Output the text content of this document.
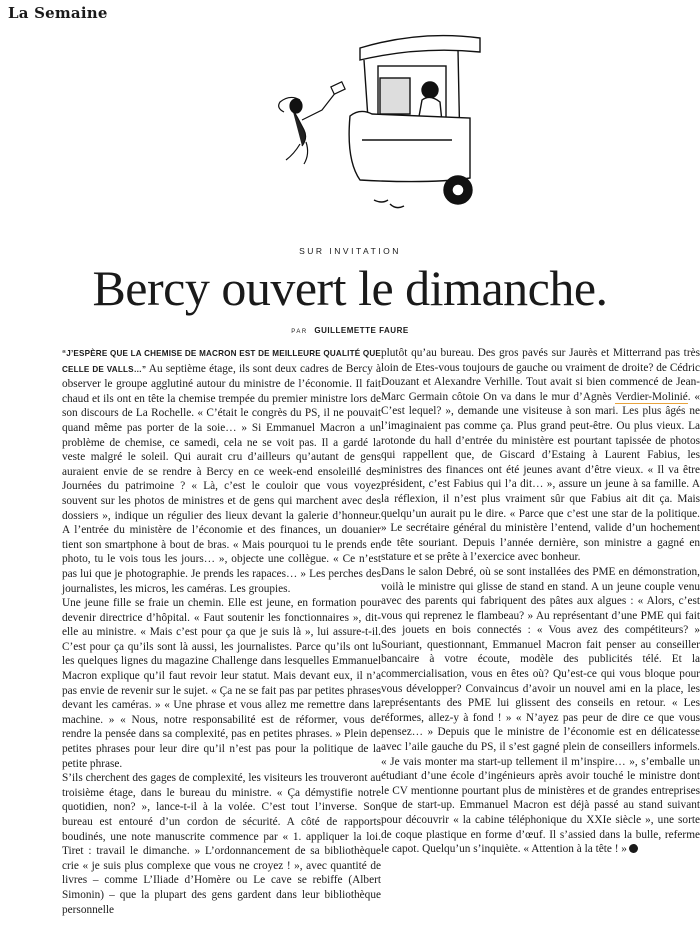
La Semaine
SUR INVITATION
Bercy ouvert le dimanche.
PAR GUILLEMETTE FAURE

“J’ESPÈRE QUE LA CHEMISE DE MACRON EST DE MEILLEURE QUALITÉ QUE CELLE DE VALLS…” Au septième étage, ils sont deux cadres de Bercy à observer le groupe agglutiné autour du ministre de l’économie. Il fait chaud et ils ont en tête la chemise trempée du premier ministre lors de son discours de La Rochelle. « C’était le congrès du PS, il ne pouvait quand même pas porter de la soie… » Si Emmanuel Macron a un problème de chemise, ce samedi, cela ne se voit pas. Il a gardé la veste malgré le soleil. Qui aurait cru d’ailleurs qu’autant de gens auraient envie de se rendre à Bercy en ce week-end ensoleillé des Journées du patrimoine ? « Là, c’est le couloir que vous voyez souvent sur les photos de ministres et de gens qui marchent avec des dossiers », indique un régulier des lieux devant la galerie d’honneur. A l’entrée du ministère de l’économie et des finances, un douanier tient son smartphone à bout de bras. « Mais pourquoi tu le prends en photo, tu le vois tous les jours… », objecte une collègue. « Ce n’est pas lui que je photographie. Je prends les rapaces… » Les perches des journalistes, les micros, les caméras. Les groupies.

Une jeune fille se fraie un chemin. Elle est jeune, en formation pour devenir directrice d’hôpital. « Faut soutenir les fonctionnaires », dit-elle au ministre. « Mais c’est pour ça que je suis là », lui assure-t-il. C’est pour ça qu’ils sont là aussi, les journalistes. Parce qu’ils ont lu les quelques lignes du magazine Challenge dans lesquelles Emmanuel Macron explique qu’il faut revoir leur statut. Mais devant eux, il n’a pas envie de revenir sur le sujet. « Ça ne se fait pas par petites phrases devant les caméras. » « Une phrase et vous allez me remettre dans la machine. » « Nous, notre responsabilité est de réformer, vous de rendre la pensée dans sa complexité, pas en petites phrases. » Plein de petites phrases pour leur dire qu’il n’est pas pour la politique de la petite phrase.

S’ils cherchent des gages de complexité, les visiteurs les trouveront au troisième étage, dans le bureau du ministre. « Ça démystifie notre quotidien, non? », lance-t-il à la volée. C’est tout l’inverse. Son bureau est entouré d’un cordon de sécurité. A côté de rapports boudinés, une note manuscrite commence par « 1. appliquer la loi. Tiret : travail le dimanche. » L’ordonnancement de sa bibliothèque crie « je suis plus complexe que vous ne croyez ! », avec quantité de livres – comme L’Iliade d’Homère ou Le cave se rebiffe (Albert Simonin) – que la plupart des gens gardent dans leur bibliothèque personnelle

plutôt qu’au bureau. Des gros pavés sur Jaurès et Mitterrand pas très loin de Etes-vous toujours de gauche ou vraiment de droite? de Cédric Douzant et Alexandre Verhille. Tout avait si bien commencé de Jean-Marc Germain côtoie On va dans le mur d’Agnès Verdier-Molinié. « C’est lequel? », demande une visiteuse à son mari. Les plus âgés ne l’imaginaient pas comme ça. Plus grand peut-être. Ou plus vieux. La rotonde du hall d’entrée du ministère est pourtant tapissée de photos qui rappellent que, de Giscard d’Estaing à Laurent Fabius, les ministres des finances ont été jeunes avant d’être vieux. « Il va être président, c’est Fabius qui l’a dit… », assure un jeune à sa famille. A la réflexion, il n’est plus vraiment sûr que Fabius ait dit ça. Mais quelqu’un aurait pu le dire. « Parce que c’est une star de la politique. » Le secrétaire général du ministère l’entend, valide d’un hochement de tête souriant. Depuis l’année dernière, son ministre a gagné en stature et se prête à l’exercice avec bonheur.

Dans le salon Debré, où se sont installées des PME en démonstration, voilà le ministre qui glisse de stand en stand. A un jeune couple venu avec des parents qui fabriquent des pâtes aux algues : « Alors, c’est vous qui reprenez le flambeau? » Au représentant d’une PME qui fait des jouets en bois connectés : « Vous avez des compétiteurs? » Souriant, questionnant, Emmanuel Macron fait penser au conseiller bancaire à votre écoute, modèle des publicités télé. Et la commercialisation, vous en êtes où? Qu’est-ce qui vous bloque pour vous développer? Convaincus d’avoir un nouvel ami en la place, les représentants des PME lui glissent des conseils en retour. « Les réformes, allez-y à fond ! » « N’ayez pas peur de dire ce que vous pensez… » Depuis que le ministre de l’économie est en délicatesse avec l’aile gauche du PS, il s’est gagné plein de conseillers informels. « Je vais monter ma start-up tellement il m’inspire… », s’emballe un étudiant d’une école d’ingénieurs après avoir touché le ministre dont le CV mentionne pourtant plus de ministères et de grandes entreprises que de start-up. Emmanuel Macron est déjà passé au stand suivant pour découvrir « la cabine téléphonique du XXIe siècle », une sorte de coque plastique en forme d’œuf. Il s’assied dans la bulle, referme le capot. Quelqu’un s’inquiète. « Attention à la tête ! »
